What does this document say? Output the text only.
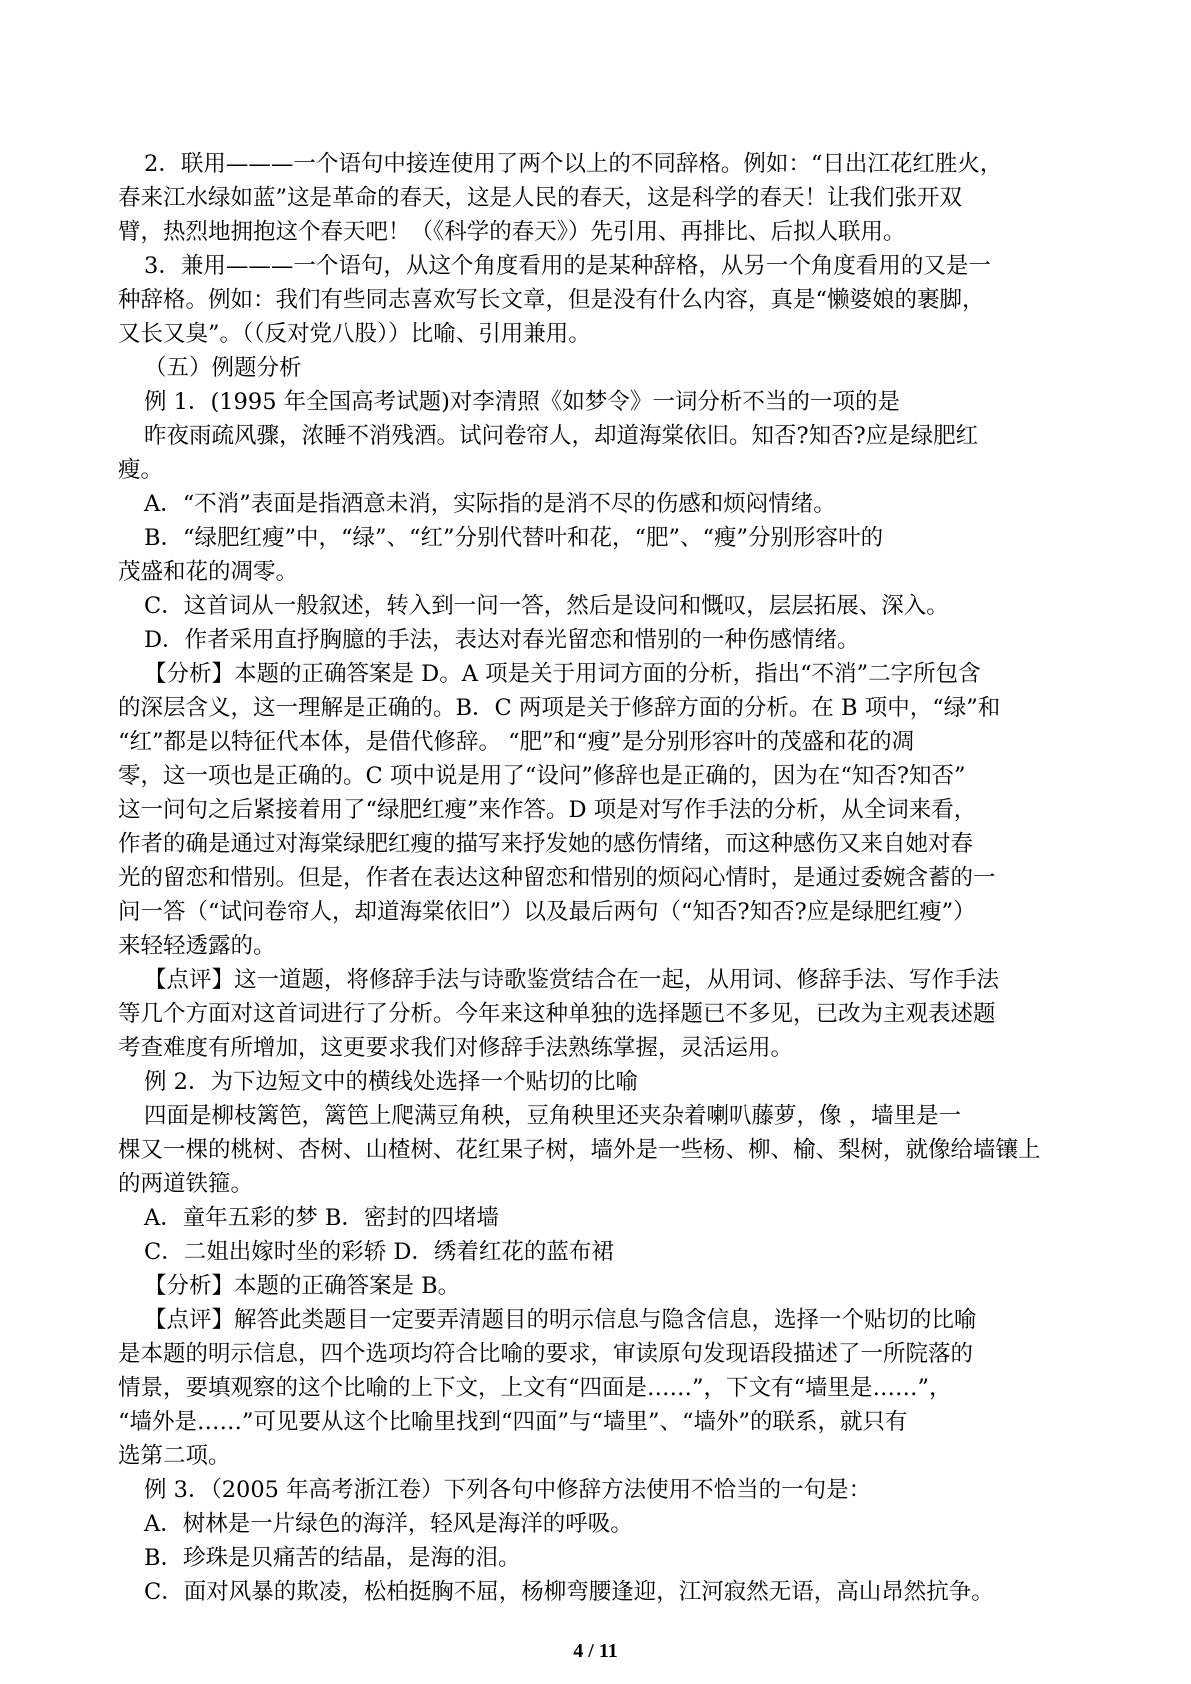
2．联用———一个语句中接连使用了两个以上的不同辞格。例如：“日出江花红胜火，
春来江水绿如蓝”这是革命的春天，这是人民的春天，这是科学的春天！让我们张开双
臂，热烈地拥抱这个春天吧！（《科学的春天》）先引用、再排比、后拟人联用。
3．兼用———一个语句，从这个角度看用的是某种辞格，从另一个角度看用的又是一
种辞格。例如：我们有些同志喜欢写长文章，但是没有什么内容，真是“懒婆娘的裹脚，
又长又臭”。（（反对党八股））比喻、引用兼用。
（五）例题分析
例 1．(1995 年全国高考试题)对李清照《如梦令》一词分析不当的一项的是
昨夜雨疏风骤，浓睡不消残酒。试问卷帘人，却道海棠依旧。知否?知否?应是绿肥红
瘦。
A．“不消”表面是指酒意未消，实际指的是消不尽的伤感和烦闷情绪。
B．“绿肥红瘦”中，“绿”、“红”分别代替叶和花，“肥”、“瘦”分别形容叶的
茂盛和花的凋零。
C．这首词从一般叙述，转入到一问一答，然后是设问和慨叹，层层拓展、深入。
D．作者采用直抒胸臆的手法，表达对春光留恋和惜别的一种伤感情绪。
【分析】本题的正确答案是 D。A 项是关于用词方面的分析，指出“不消”二字所包含
的深层含义，这一理解是正确的。B．C 两项是关于修辞方面的分析。在 B 项中，“绿”和
“红”都是以特征代本体，是借代修辞。 “肥”和“瘦”是分别形容叶的茂盛和花的凋
零，这一项也是正确的。C 项中说是用了“设问”修辞也是正确的，因为在“知否?知否”
这一问句之后紧接着用了“绿肥红瘦”来作答。D 项是对写作手法的分析，从全词来看，
作者的确是通过对海棠绿肥红瘦的描写来抒发她的感伤情绪，而这种感伤又来自她对春
光的留恋和惜别。但是，作者在表达这种留恋和惜别的烦闷心情时，是通过委婉含蓄的一
问一答（“试问卷帘人，却道海棠依旧”）以及最后两句（“知否?知否?应是绿肥红瘦”）
来轻轻透露的。
【点评】这一道题，将修辞手法与诗歌鉴赏结合在一起，从用词、修辞手法、写作手法
等几个方面对这首词进行了分析。今年来这种单独的选择题已不多见，已改为主观表述题
考查难度有所增加，这更要求我们对修辞手法熟练掌握，灵活运用。
例 2．为下边短文中的横线处选择一个贴切的比喻
四面是柳枝篱笆，篱笆上爬满豆角秧，豆角秧里还夹杂着喇叭藤萝，像 ，墙里是一
棵又一棵的桃树、杏树、山楂树、花红果子树，墙外是一些杨、柳、榆、梨树，就像给墙镶上
的两道铁箍。
A．童年五彩的梦 B．密封的四堵墙
C．二姐出嫁时坐的彩轿 D．绣着红花的蓝布裙
【分析】本题的正确答案是 B。
【点评】解答此类题目一定要弄清题目的明示信息与隐含信息，选择一个贴切的比喻
是本题的明示信息，四个选项均符合比喻的要求，审读原句发现语段描述了一所院落的
情景，要填观察的这个比喻的上下文，上文有“四面是……”，下文有“墙里是……”，
“墙外是……”可见要从这个比喻里找到“四面”与“墙里”、“墙外”的联系，就只有
选第二项。
例 3．（2005 年高考浙江卷）下列各句中修辞方法使用不恰当的一句是：
A．树林是一片绿色的海洋，轻风是海洋的呼吸。
B．珍珠是贝痛苦的结晶，是海的泪。
C．面对风暴的欺凌，松柏挺胸不屈，杨柳弯腰逢迎，江河寂然无语，高山昂然抗争。
4 / 11
